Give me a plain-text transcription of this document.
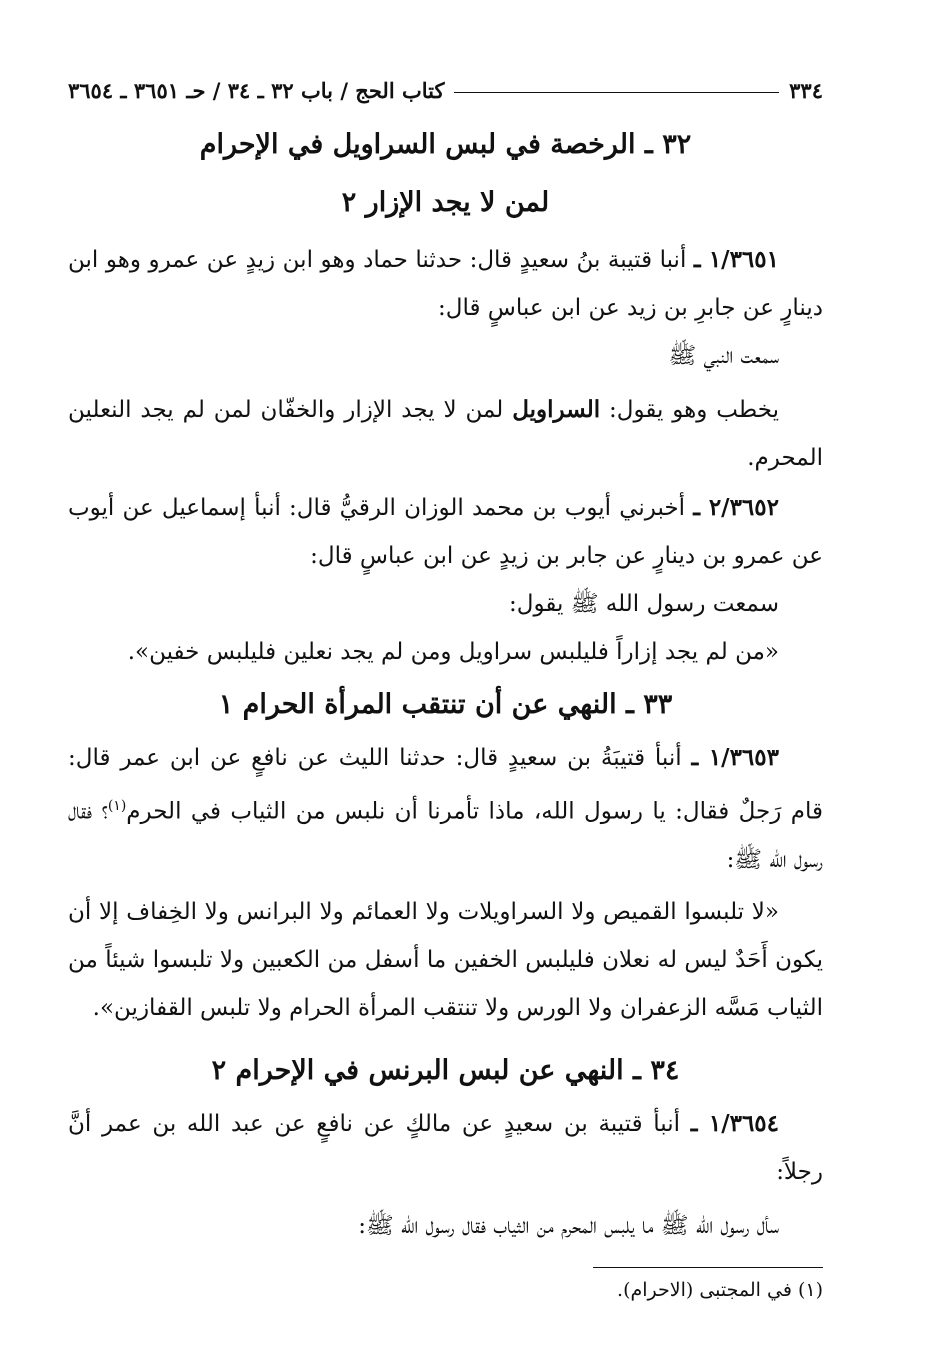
٣٣٤
كتاب الحج / باب ٣٢ ـ ٣٤ / حـ ٣٦٥١ ـ ٣٦٥٤
٣٢ ـ الرخصة في لبس السراويل في الإحرام
لمن لا يجد الإزار ٢

١/٣٦٥١ ـ أنبا قتيبة بنُ سعيدٍ قال: حدثنا حماد وهو ابن زيدٍ عن عمرو وهو ابن دينارٍ عن جابرِ بن زيد عن ابن عباسٍ قال:

سمعت النبي ﷺ

يخطب وهو يقول: السراويل لمن لا يجد الإزار والخفّان لمن لم يجد النعلين المحرم.

٢/٣٦٥٢ ـ أخبرني أيوب بن محمد الوزان الرقيُّ قال: أنبأ إسماعيل عن أيوب عن عمرو بن دينارٍ عن جابر بن زيدٍ عن ابن عباسٍ قال:

سمعت رسول الله ﷺ يقول:

«من لم يجد إزاراً فليلبس سراويل ومن لم يجد نعلين فليلبس خفين».

٣٣ ـ النهي عن أن تنتقب المرأة الحرام ١

١/٣٦٥٣ ـ أنبأ قتيبَةُ بن سعيدٍ قال: حدثنا الليث عن نافعٍ عن ابن عمر قال: قام رَجلٌ فقال: يا رسول الله، ماذا تأمرنا أن نلبس من الثياب في الحرم$^{(١)}$؟ فقال رسول الله ﷺ:

«لا تلبسوا القميص ولا السراويلات ولا العمائم ولا البرانس ولا الخِفاف إلا أن يكون أَحَدٌ ليس له نعلان فليلبس الخفين ما أسفل من الكعبين ولا تلبسوا شيئاً من الثياب مَسَّه الزعفران ولا الورس ولا تنتقب المرأة الحرام ولا تلبس القفازين».

٣٤ ـ النهي عن لبس البرنس في الإحرام ٢

١/٣٦٥٤ ـ أنبأ قتيبة بن سعيدٍ عن مالكٍ عن نافعٍ عن عبد الله بن عمر أنَّ رجلاً:

سأل رسول الله ﷺ ما يلبس المحرم من الثياب فقال رسول الله ﷺ:

(١) في المجتبى (الاحرام).
